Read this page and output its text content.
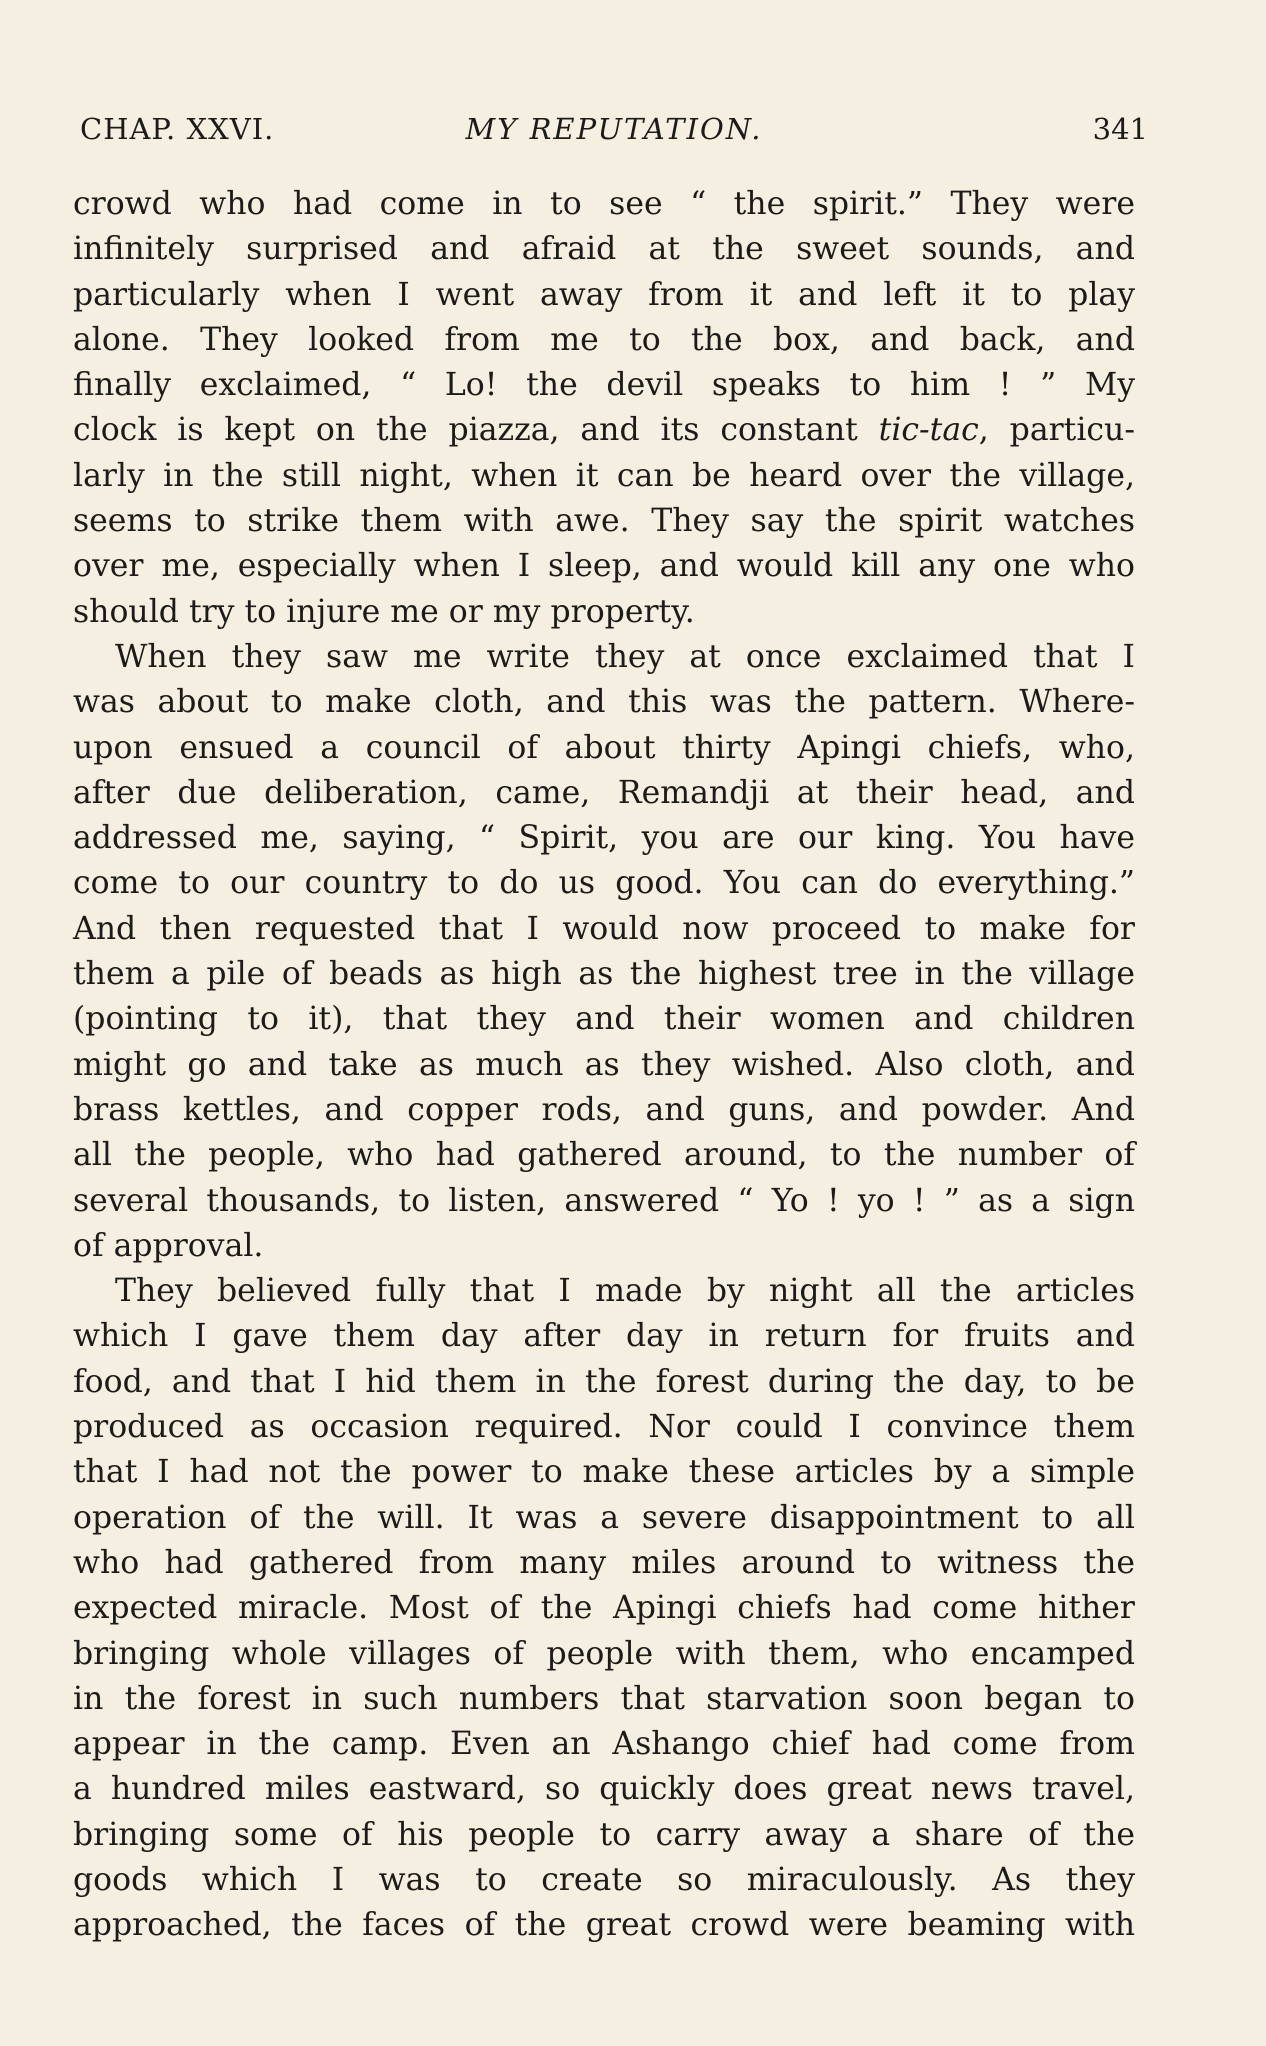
CHAP. XXVI.	MY REPUTATION.	341
crowd who had come in to see “ the spirit.” They were
infinitely surprised and afraid at the sweet sounds, and
particularly when I went away from it and left it to play
alone. They looked from me to the box, and back, and
finally exclaimed, “ Lo! the devil speaks to him ! ” My
clock is kept on the piazza, and its constant tic-tac, particu-
larly in the still night, when it can be heard over the village,
seems to strike them with awe. They say the spirit watches
over me, especially when I sleep, and would kill any one who
should try to injure me or my property.
When they saw me write they at once exclaimed that I
was about to make cloth, and this was the pattern. Where-
upon ensued a council of about thirty Apingi chiefs, who,
after due deliberation, came, Remandji at their head, and
addressed me, saying, “ Spirit, you are our king. You have
come to our country to do us good. You can do everything.”
And then requested that I would now proceed to make for
them a pile of beads as high as the highest tree in the village
(pointing to it), that they and their women and children
might go and take as much as they wished. Also cloth, and
brass kettles, and copper rods, and guns, and powder. And
all the people, who had gathered around, to the number of
several thousands, to listen, answered “ Yo ! yo ! ” as a sign
of approval.
They believed fully that I made by night all the articles
which I gave them day after day in return for fruits and
food, and that I hid them in the forest during the day, to be
produced as occasion required. Nor could I convince them
that I had not the power to make these articles by a simple
operation of the will. It was a severe disappointment to all
who had gathered from many miles around to witness the
expected miracle. Most of the Apingi chiefs had come hither
bringing whole villages of people with them, who encamped
in the forest in such numbers that starvation soon began to
appear in the camp. Even an Ashango chief had come from
a hundred miles eastward, so quickly does great news travel,
bringing some of his people to carry away a share of the
goods which I was to create so miraculously. As they
approached, the faces of the great crowd were beaming with
